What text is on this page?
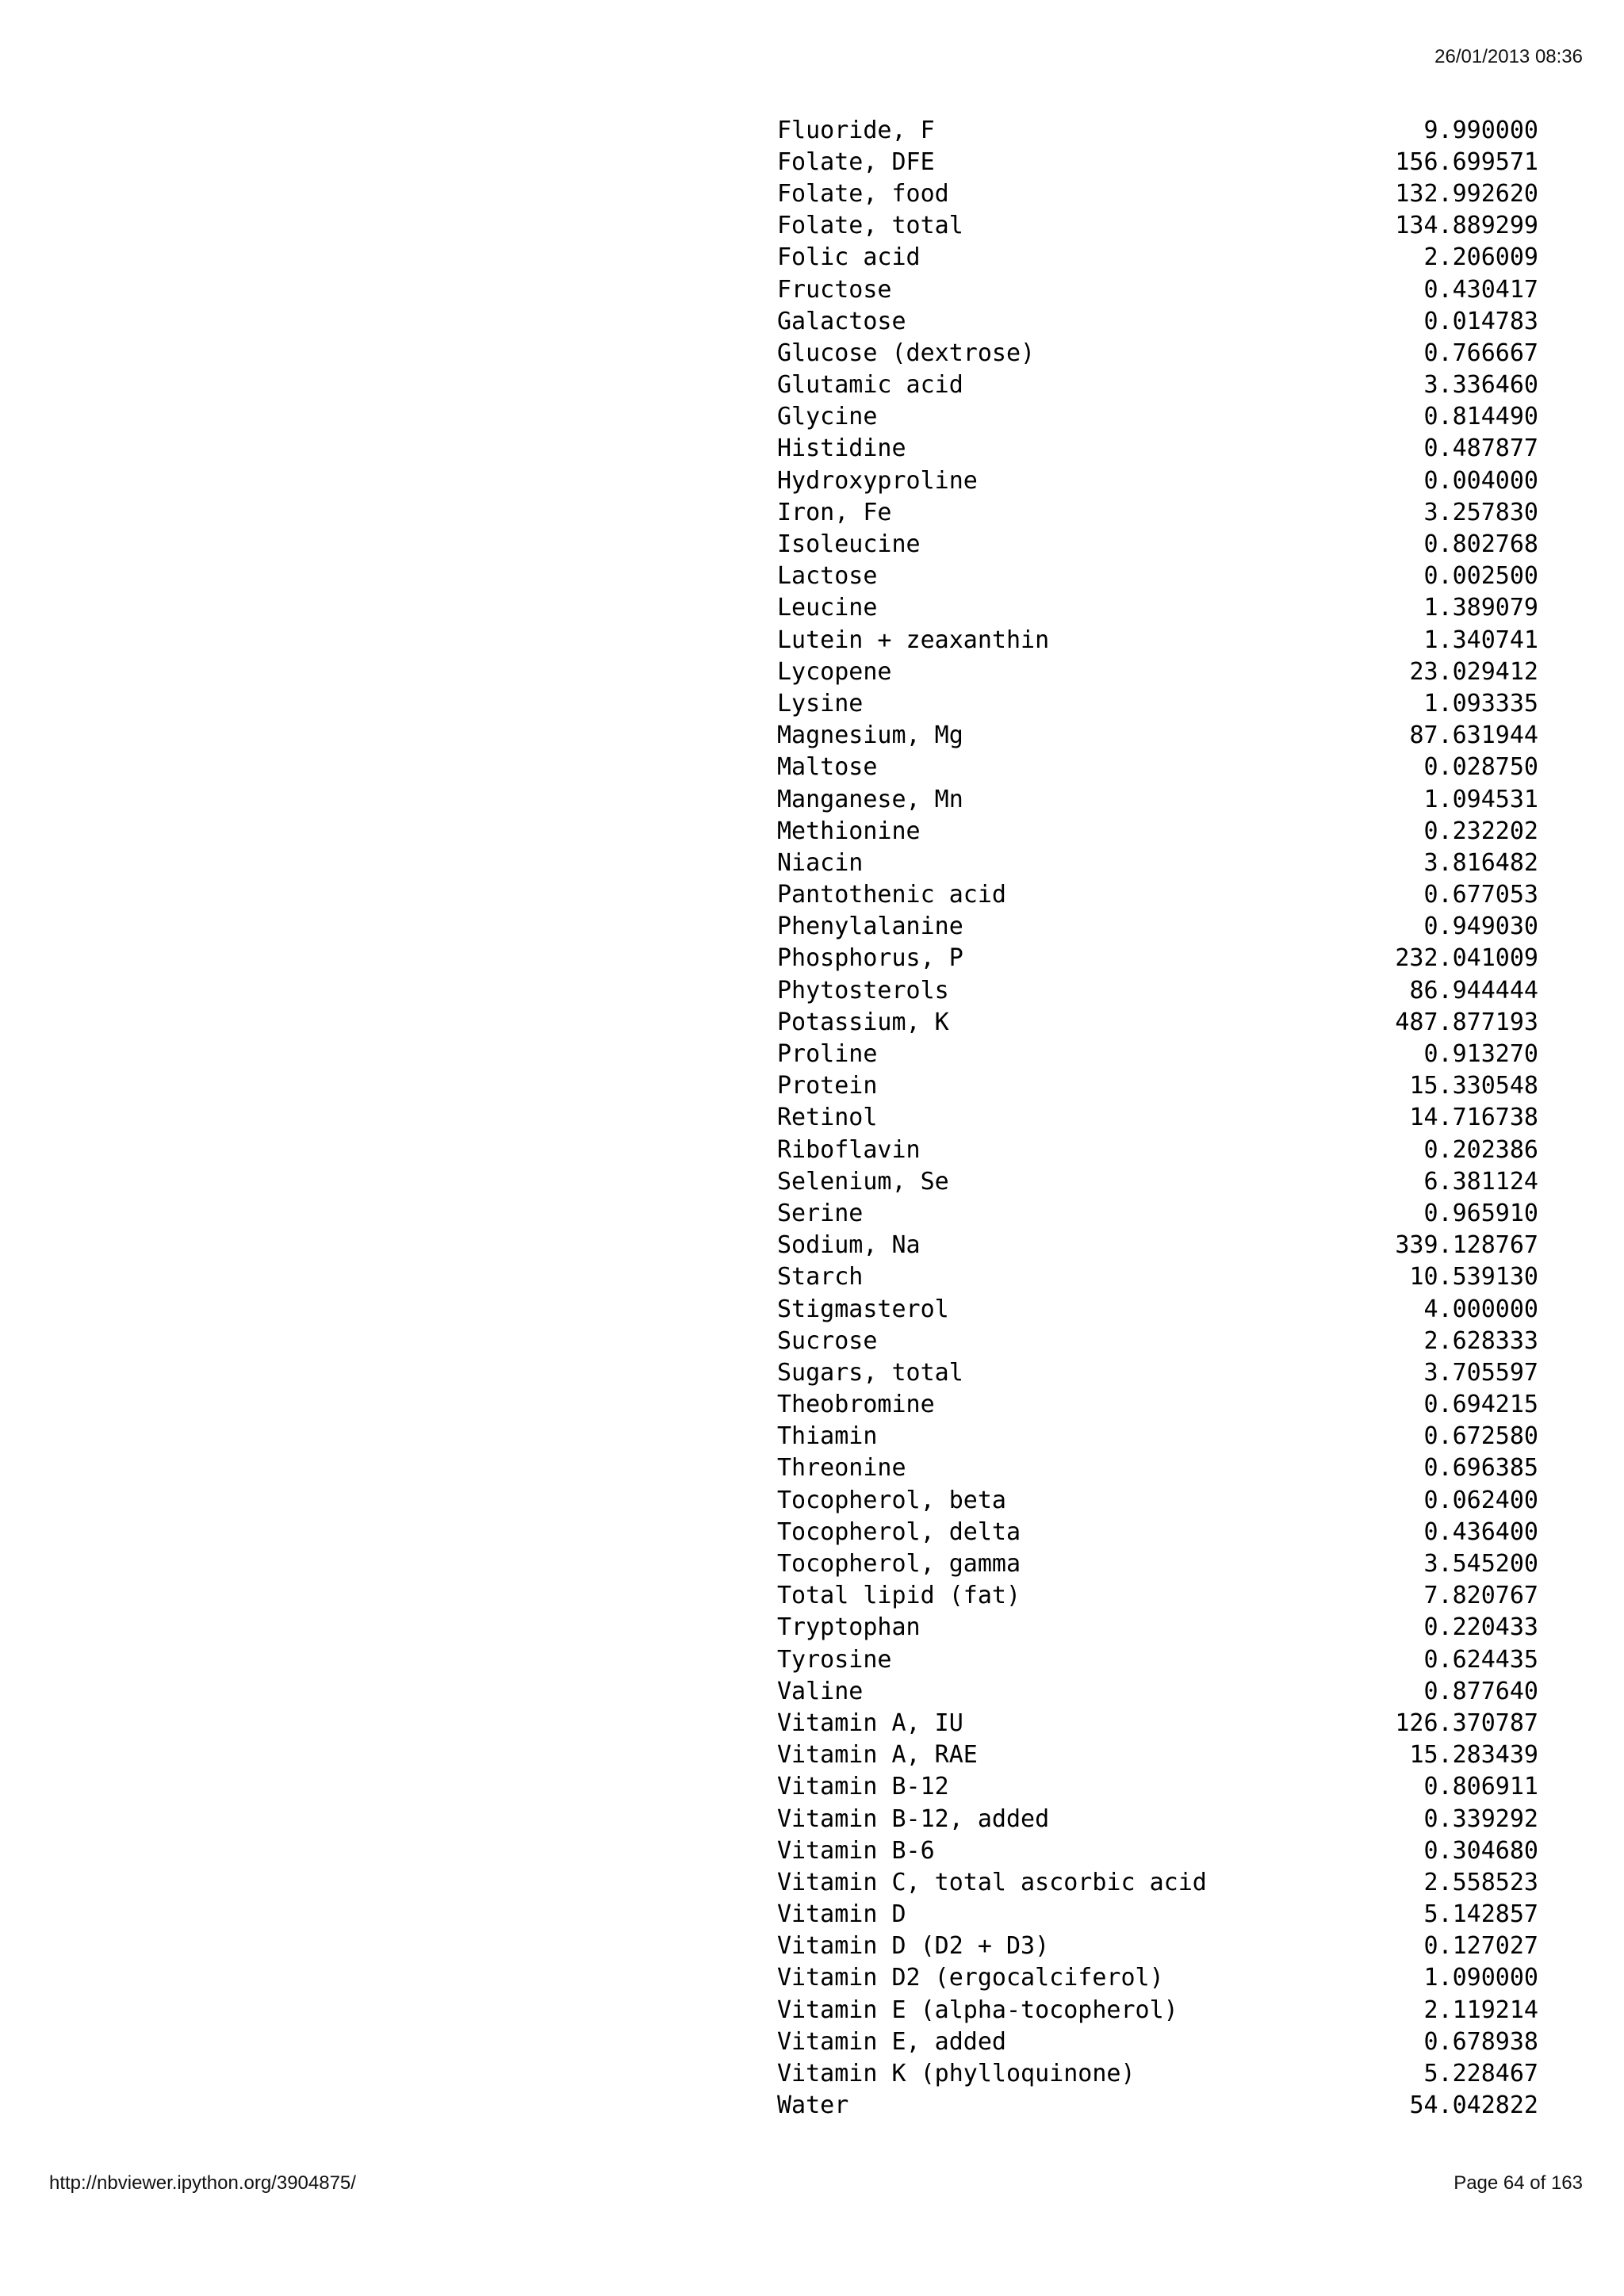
26/01/2013 08:36
Fluoride, F	9.990000
Folate, DFE	156.699571
Folate, food	132.992620
Folate, total	134.889299
Folic acid	2.206009
Fructose	0.430417
Galactose	0.014783
Glucose (dextrose)	0.766667
Glutamic acid	3.336460
Glycine	0.814490
Histidine	0.487877
Hydroxyproline	0.004000
Iron, Fe	3.257830
Isoleucine	0.802768
Lactose	0.002500
Leucine	1.389079
Lutein + zeaxanthin	1.340741
Lycopene	23.029412
Lysine	1.093335
Magnesium, Mg	87.631944
Maltose	0.028750
Manganese, Mn	1.094531
Methionine	0.232202
Niacin	3.816482
Pantothenic acid	0.677053
Phenylalanine	0.949030
Phosphorus, P	232.041009
Phytosterols	86.944444
Potassium, K	487.877193
Proline	0.913270
Protein	15.330548
Retinol	14.716738
Riboflavin	0.202386
Selenium, Se	6.381124
Serine	0.965910
Sodium, Na	339.128767
Starch	10.539130
Stigmasterol	4.000000
Sucrose	2.628333
Sugars, total	3.705597
Theobromine	0.694215
Thiamin	0.672580
Threonine	0.696385
Tocopherol, beta	0.062400
Tocopherol, delta	0.436400
Tocopherol, gamma	3.545200
Total lipid (fat)	7.820767
Tryptophan	0.220433
Tyrosine	0.624435
Valine	0.877640
Vitamin A, IU	126.370787
Vitamin A, RAE	15.283439
Vitamin B-12	0.806911
Vitamin B-12, added	0.339292
Vitamin B-6	0.304680
Vitamin C, total ascorbic acid	2.558523
Vitamin D	5.142857
Vitamin D (D2 + D3)	0.127027
Vitamin D2 (ergocalciferol)	1.090000
Vitamin E (alpha-tocopherol)	2.119214
Vitamin E, added	0.678938
Vitamin K (phylloquinone)	5.228467
Water	54.042822
http://nbviewer.ipython.org/3904875/	Page 64 of 163
